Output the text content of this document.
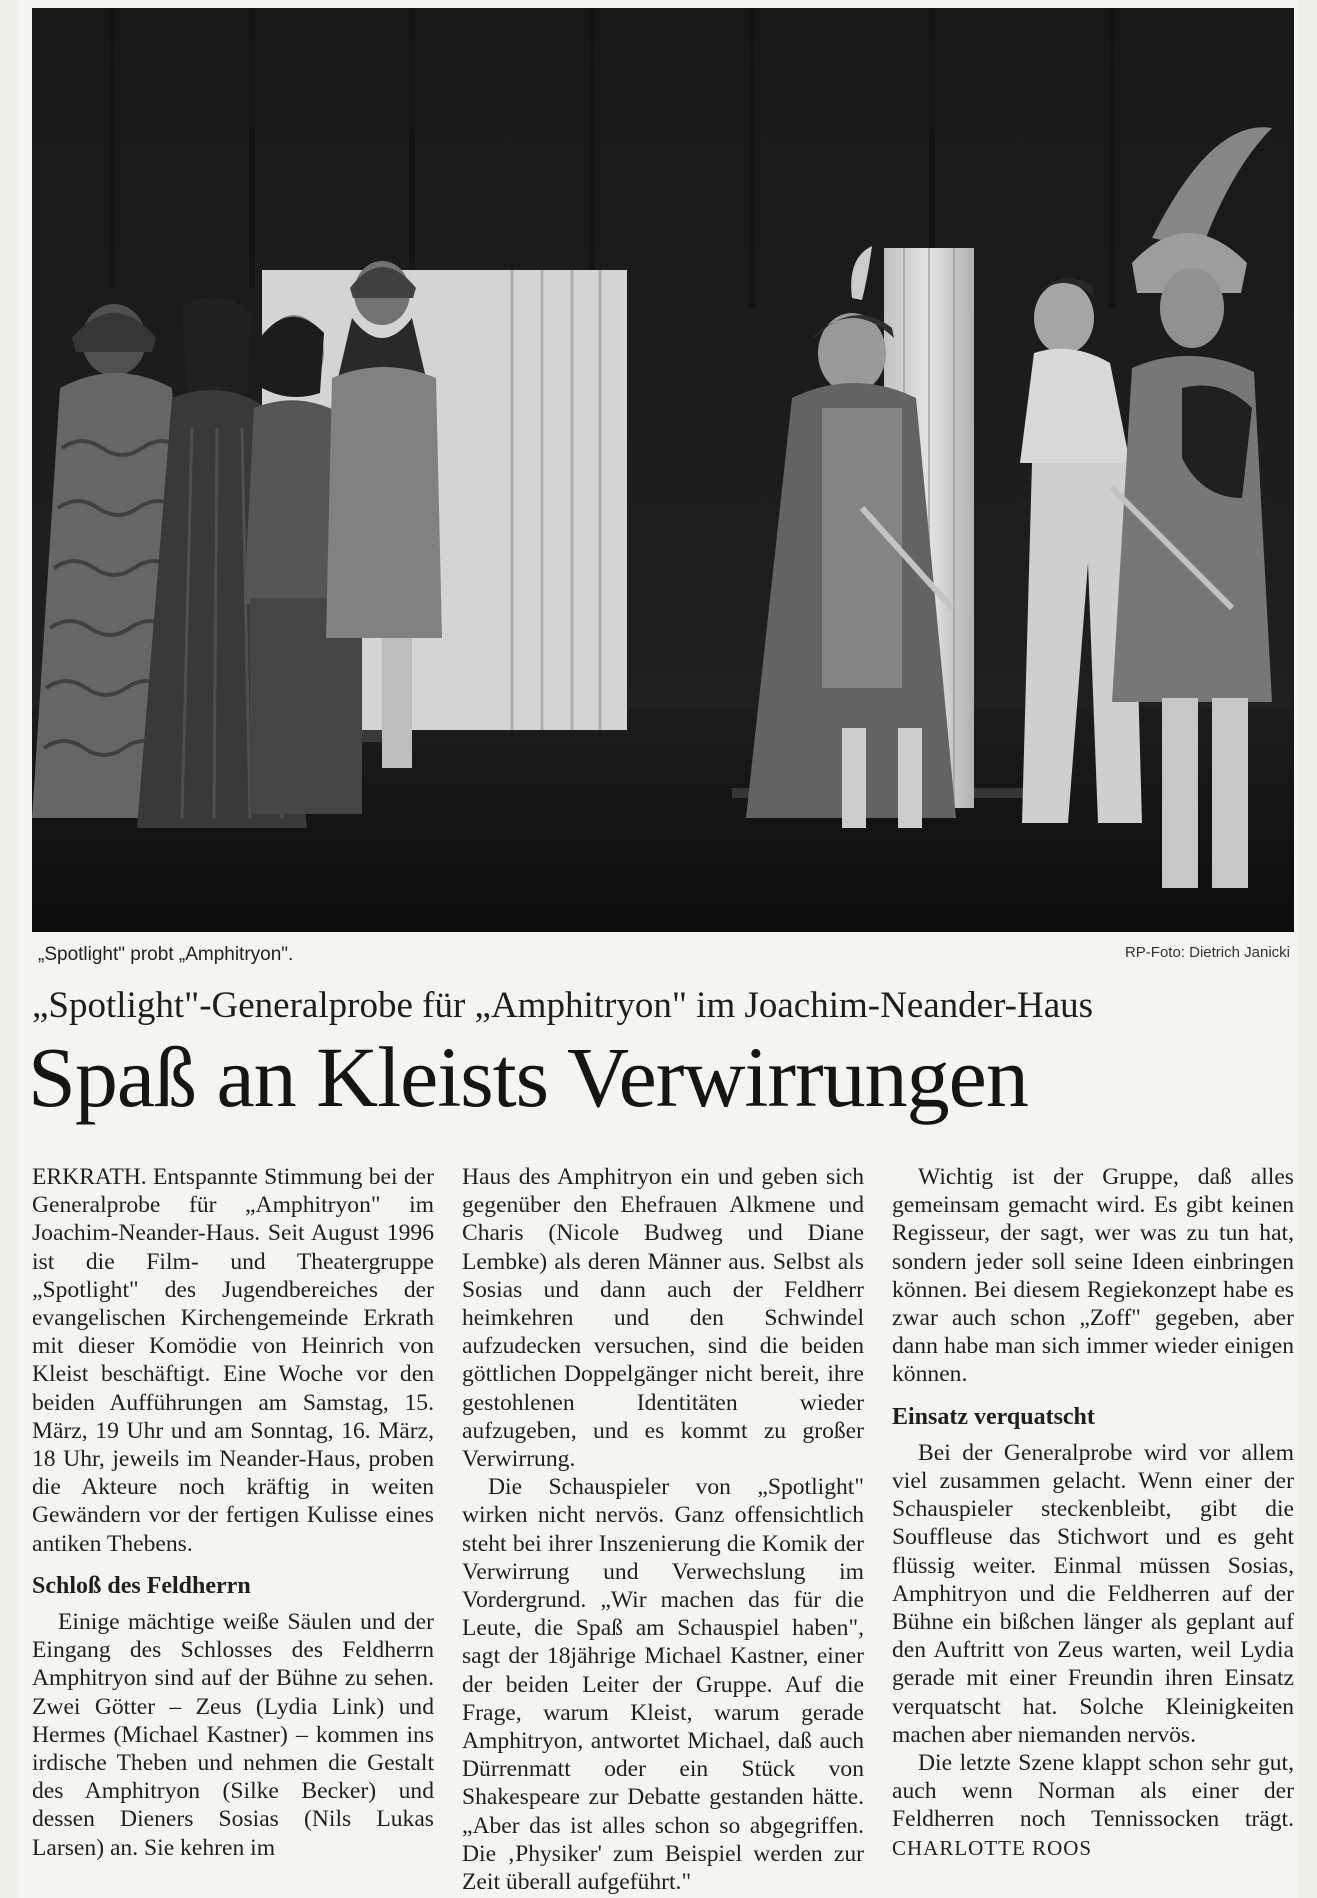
„Spotlight" probt „Amphitryon".	RP-Foto: Dietrich Janicki
„Spotlight"-Generalprobe für „Amphitryon" im Joachim-Neander-Haus
Spaß an Kleists Verwirrungen

ERKRATH. Entspannte Stimmung bei der Generalprobe für „Amphitryon" im Joachim-Neander-Haus. Seit August 1996 ist die Film- und Theatergruppe „Spotlight" des Jugendbereiches der evangelischen Kirchengemeinde Erkrath mit dieser Komödie von Heinrich von Kleist beschäftigt. Eine Woche vor den beiden Aufführungen am Samstag, 15. März, 19 Uhr und am Sonntag, 16. März, 18 Uhr, jeweils im Neander-Haus, proben die Akteure noch kräftig in weiten Gewändern vor der fertigen Kulisse eines antiken Thebens.

Schloß des Feldherrn

Einige mächtige weiße Säulen und der Eingang des Schlosses des Feldherrn Amphitryon sind auf der Bühne zu sehen. Zwei Götter – Zeus (Lydia Link) und Hermes (Michael Kastner) – kommen ins irdische Theben und nehmen die Gestalt des Amphitryon (Silke Becker) und dessen Dieners Sosias (Nils Lukas Larsen) an. Sie kehren im

Haus des Amphitryon ein und geben sich gegenüber den Ehefrauen Alkmene und Charis (Nicole Budweg und Diane Lembke) als deren Männer aus. Selbst als Sosias und dann auch der Feldherr heimkehren und den Schwindel aufzudecken versuchen, sind die beiden göttlichen Doppelgänger nicht bereit, ihre gestohlenen Identitäten wieder aufzugeben, und es kommt zu großer Verwirrung.

Die Schauspieler von „Spotlight" wirken nicht nervös. Ganz offensichtlich steht bei ihrer Inszenierung die Komik der Verwirrung und Verwechslung im Vordergrund. „Wir machen das für die Leute, die Spaß am Schauspiel haben", sagt der 18jährige Michael Kastner, einer der beiden Leiter der Gruppe. Auf die Frage, warum Kleist, warum gerade Amphitryon, antwortet Michael, daß auch Dürrenmatt oder ein Stück von Shakespeare zur Debatte gestanden hätte. „Aber das ist alles schon so abgegriffen. Die ‚Physiker' zum Beispiel werden zur Zeit überall aufgeführt."

Wichtig ist der Gruppe, daß alles gemeinsam gemacht wird. Es gibt keinen Regisseur, der sagt, wer was zu tun hat, sondern jeder soll seine Ideen einbringen können. Bei diesem Regiekonzept habe es zwar auch schon „Zoff" gegeben, aber dann habe man sich immer wieder einigen können.

Einsatz verquatscht

Bei der Generalprobe wird vor allem viel zusammen gelacht. Wenn einer der Schauspieler steckenbleibt, gibt die Souffleuse das Stichwort und es geht flüssig weiter. Einmal müssen Sosias, Amphitryon und die Feldherren auf der Bühne ein bißchen länger als geplant auf den Auftritt von Zeus warten, weil Lydia gerade mit einer Freundin ihren Einsatz verquatscht hat. Solche Kleinigkeiten machen aber niemanden nervös.

Die letzte Szene klappt schon sehr gut, auch wenn Norman als einer der Feldherren noch Tennissocken trägt. CHARLOTTE ROOS
